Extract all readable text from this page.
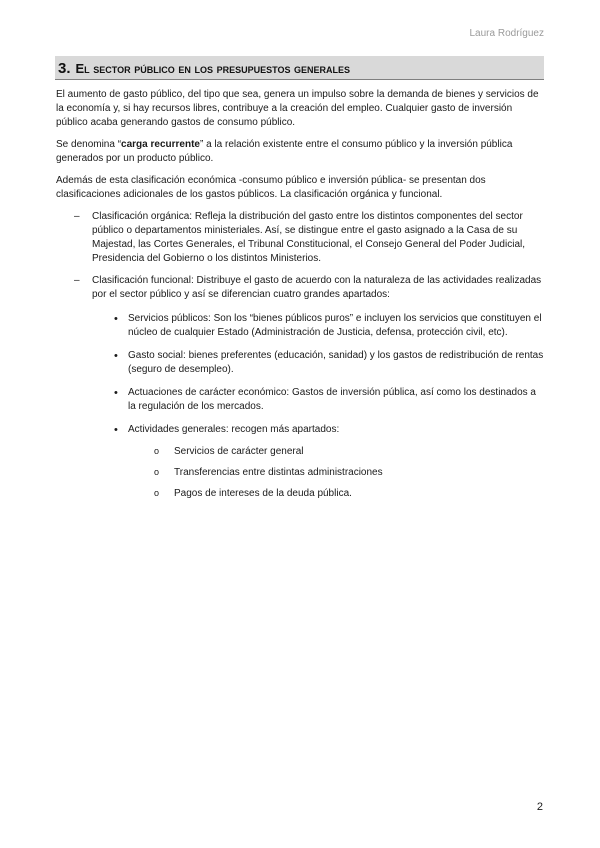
Laura Rodríguez
3. El sector público en los presupuestos generales

El aumento de gasto público, del tipo que sea, genera un impulso sobre la demanda de bienes y servicios de la economía y, si hay recursos libres, contribuye a la creación del empleo. Cualquier gasto de inversión público acaba generando gastos de consumo público.

Se denomina “carga recurrente” a la relación existente entre el consumo público y la inversión pública generados por un producto público.

Además de esta clasificación económica -consumo público e inversión pública- se presentan dos clasificaciones adicionales de los gastos públicos. La clasificación orgánica y funcional.

– Clasificación orgánica: Refleja la distribución del gasto entre los distintos componentes del sector público o departamentos ministeriales. Así, se distingue entre el gasto asignado a la Casa de su Majestad, las Cortes Generales, el Tribunal Constitucional, el Consejo General del Poder Judicial, Presidencia del Gobierno o los distintos Ministerios.
– Clasificación funcional: Distribuye el gasto de acuerdo con la naturaleza de las actividades realizadas por el sector público y así se diferencian cuatro grandes apartados:
• Servicios públicos: Son los “bienes públicos puros” e incluyen los servicios que constituyen el núcleo de cualquier Estado (Administración de Justicia, defensa, protección civil, etc).
• Gasto social: bienes preferentes (educación, sanidad) y los gastos de redistribución de rentas (seguro de desempleo).
• Actuaciones de carácter económico: Gastos de inversión pública, así como los destinados a la regulación de los mercados.
• Actividades generales: recogen más apartados:
o Servicios de carácter general
o Transferencias entre distintas administraciones
o Pagos de intereses de la deuda pública.
2
